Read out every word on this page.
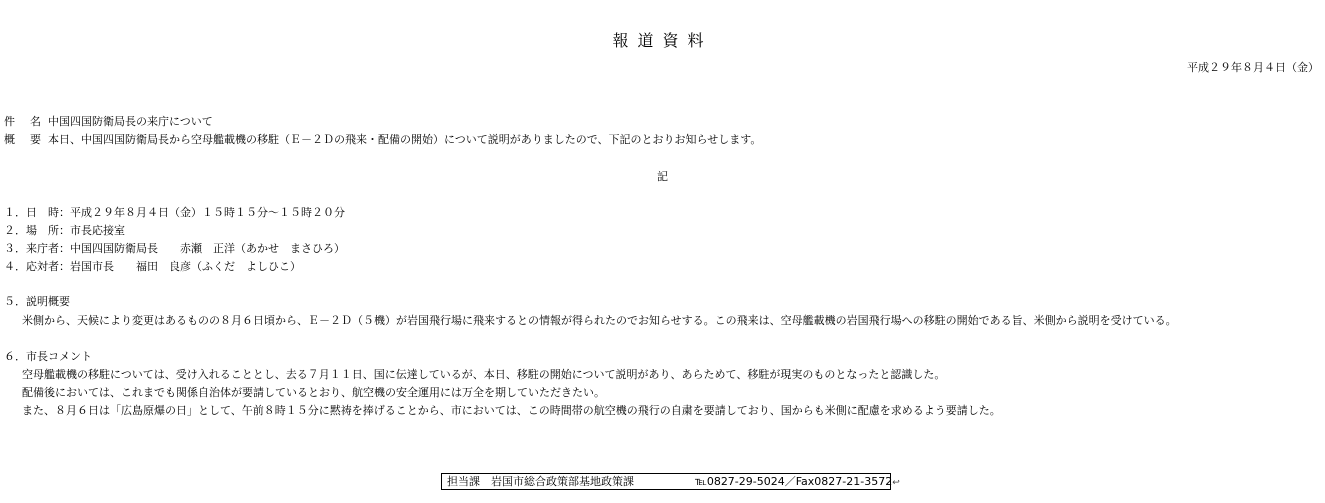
報道資料
平成２９年８月４日（金）
件　名 中国四国防衛局長の来庁について
概　要 本日、中国四国防衛局長から空母艦載機の移駐（Ｅ－２Ｄの飛来・配備の開始）について説明がありましたので、下記のとおりお知らせします。
記
１．日　時：平成２９年８月４日（金）１５時１５分～１５時２０分
２．場　所：市長応接室
３．来庁者：中国四国防衛局長　　赤瀬　正洋（あかせ　まさひろ）
４．応対者：岩国市長　　福田　良彦（ふくだ　よしひこ）
５．説明概要
米側から、天候により変更はあるものの８月６日頃から、Ｅ－２Ｄ（５機）が岩国飛行場に飛来するとの情報が得られたのでお知らせする。この飛来は、空母艦載機の岩国飛行場への移駐の開始である旨、米側から説明を受けている。
６．市長コメント
空母艦載機の移駐については、受け入れることとし、去る７月１１日、国に伝達しているが、本日、移駐の開始について説明があり、あらためて、移駐が現実のものとなったと認識した。
配備後においては、これまでも関係自治体が要請しているとおり、航空機の安全運用には万全を期していただきたい。
また、８月６日は「広島原爆の日」として、午前８時１５分に黙祷を捧げることから、市においては、この時間帯の航空機の飛行の自粛を要請しており、国からも米側に配慮を求めるよう要請した。
担当課　岩国市総合政策部基地政策課	℡0827-29-5024／Fax0827-21-3572↩
